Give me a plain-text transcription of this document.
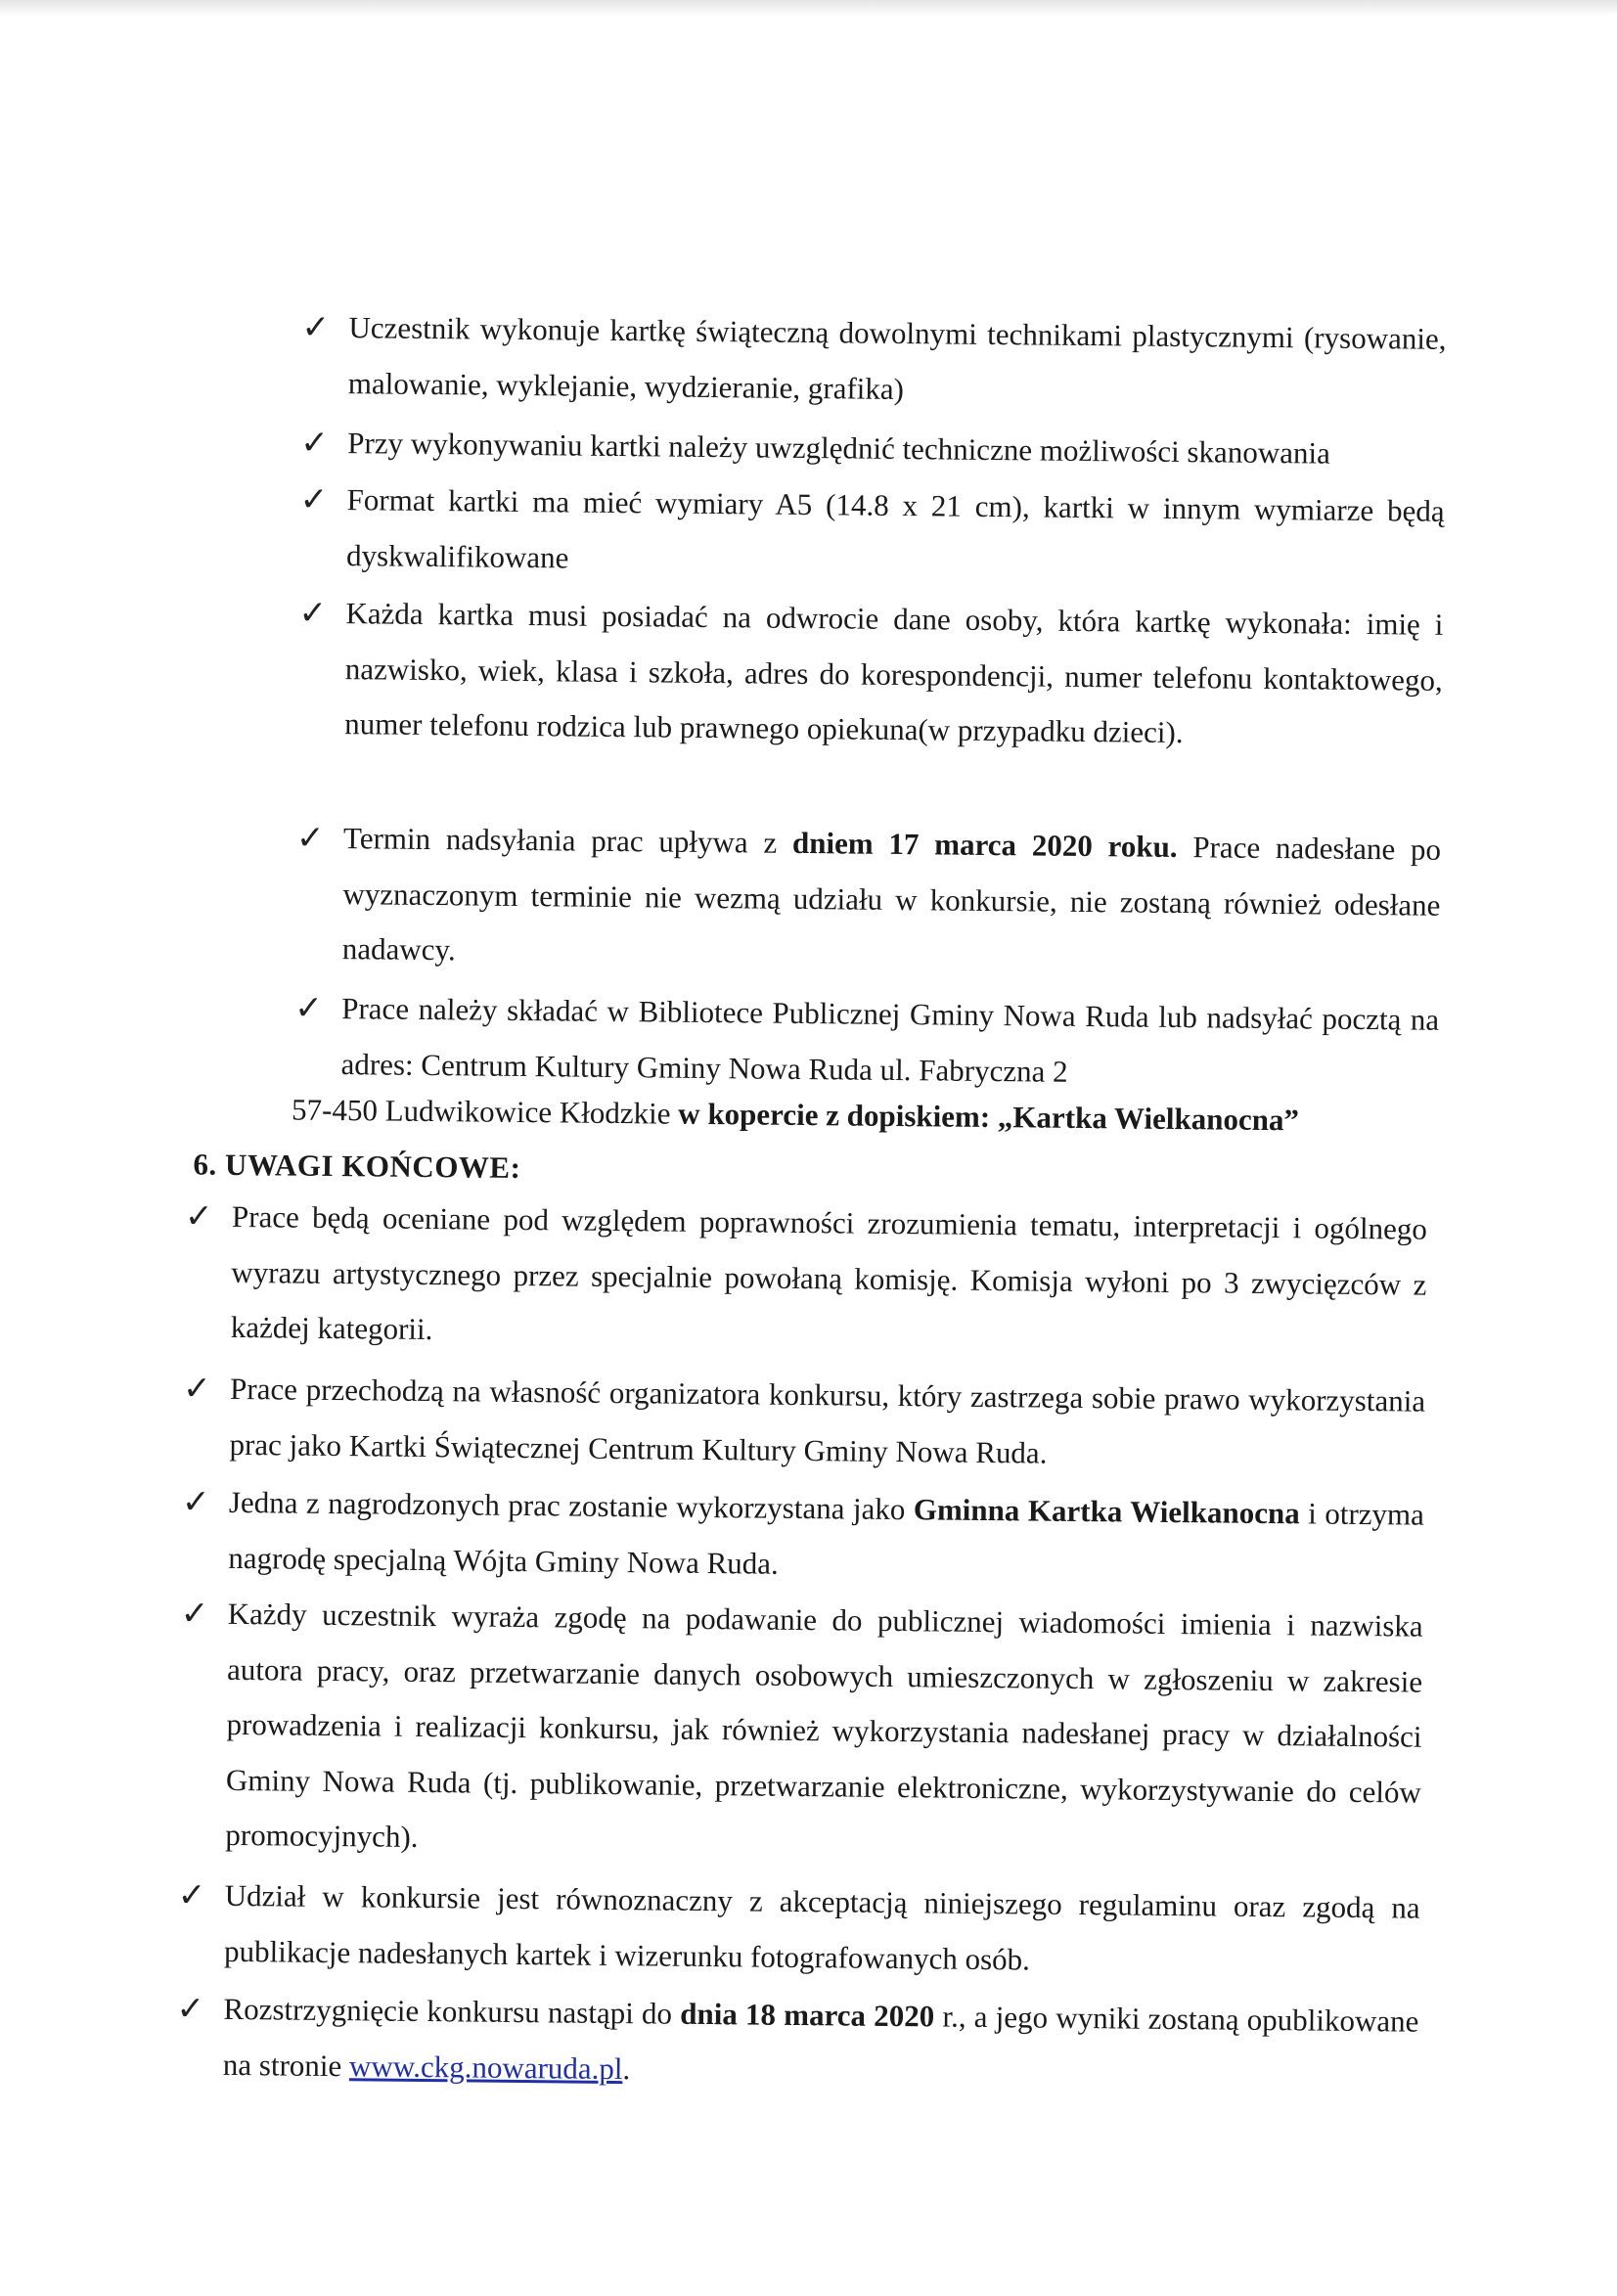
✓ Uczestnik wykonuje kartkę świąteczną dowolnymi technikami plastycznymi (rysowanie, malowanie, wyklejanie, wydzieranie, grafika)
✓ Przy wykonywaniu kartki należy uwzględnić techniczne możliwości skanowania
✓ Format kartki ma mieć wymiary A5 (14.8 x 21 cm), kartki w innym wymiarze będą dyskwalifikowane
✓ Każda kartka musi posiadać na odwrocie dane osoby, która kartkę wykonała: imię i nazwisko, wiek, klasa i szkoła, adres do korespondencji, numer telefonu kontaktowego, numer telefonu rodzica lub prawnego opiekuna(w przypadku dzieci).
✓ Termin nadsyłania prac upływa z dniem 17 marca 2020 roku. Prace nadesłane po wyznaczonym terminie nie wezmą udziału w konkursie, nie zostaną również odesłane nadawcy.
✓ Prace należy składać w Bibliotece Publicznej Gminy Nowa Ruda lub nadsyłać pocztą na adres: Centrum Kultury Gminy Nowa Ruda ul. Fabryczna 2
57-450 Ludwikowice Kłodzkie w kopercie z dopiskiem: „Kartka Wielkanocna”
6. UWAGI KOŃCOWE:
✓ Prace będą oceniane pod względem poprawności zrozumienia tematu, interpretacji i ogólnego wyrazu artystycznego przez specjalnie powołaną komisję. Komisja wyłoni po 3 zwycięzców z każdej kategorii.
✓ Prace przechodzą na własność organizatora konkursu, który zastrzega sobie prawo wykorzystania prac jako Kartki Świątecznej Centrum Kultury Gminy Nowa Ruda.
✓ Jedna z nagrodzonych prac zostanie wykorzystana jako Gminna Kartka Wielkanocna i otrzyma nagrodę specjalną Wójta Gminy Nowa Ruda.
✓ Każdy uczestnik wyraża zgodę na podawanie do publicznej wiadomości imienia i nazwiska autora pracy, oraz przetwarzanie danych osobowych umieszczonych w zgłoszeniu w zakresie prowadzenia i realizacji konkursu, jak również wykorzystania nadesłanej pracy w działalności Gminy Nowa Ruda (tj. publikowanie, przetwarzanie elektroniczne, wykorzystywanie do celów promocyjnych).
✓ Udział w konkursie jest równoznaczny z akceptacją niniejszego regulaminu oraz zgodą na publikacje nadesłanych kartek i wizerunku fotografowanych osób.
✓ Rozstrzygnięcie konkursu nastąpi do dnia 18 marca 2020 r., a jego wyniki zostaną opublikowane na stronie www.ckg.nowaruda.pl.
